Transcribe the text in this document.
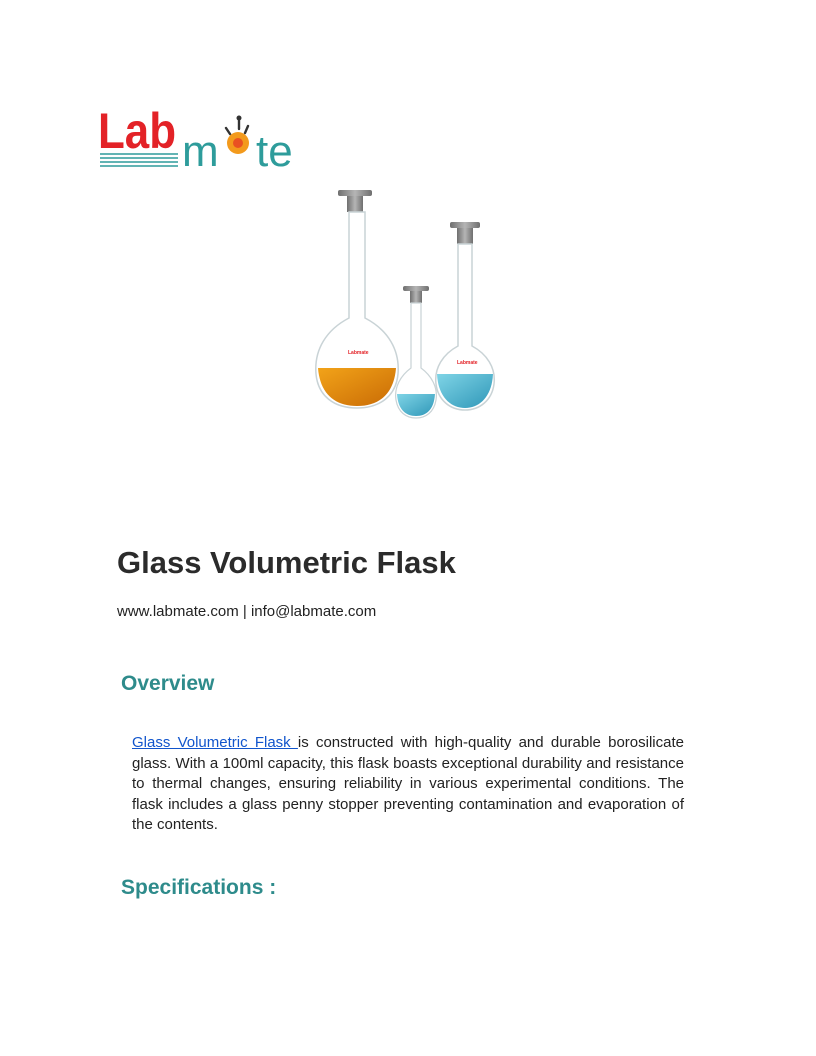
Lab m te
Labmate
Labmate
Glass Volumetric Flask
www.labmate.com | info@labmate.com
Overview

Glass Volumetric Flask is constructed with high-quality and durable borosilicate glass. With a 100ml capacity, this flask boasts exceptional durability and resistance to thermal changes, ensuring reliability in various experimental conditions. The flask includes a glass penny stopper preventing contamination and evaporation of the contents.

Specifications :
